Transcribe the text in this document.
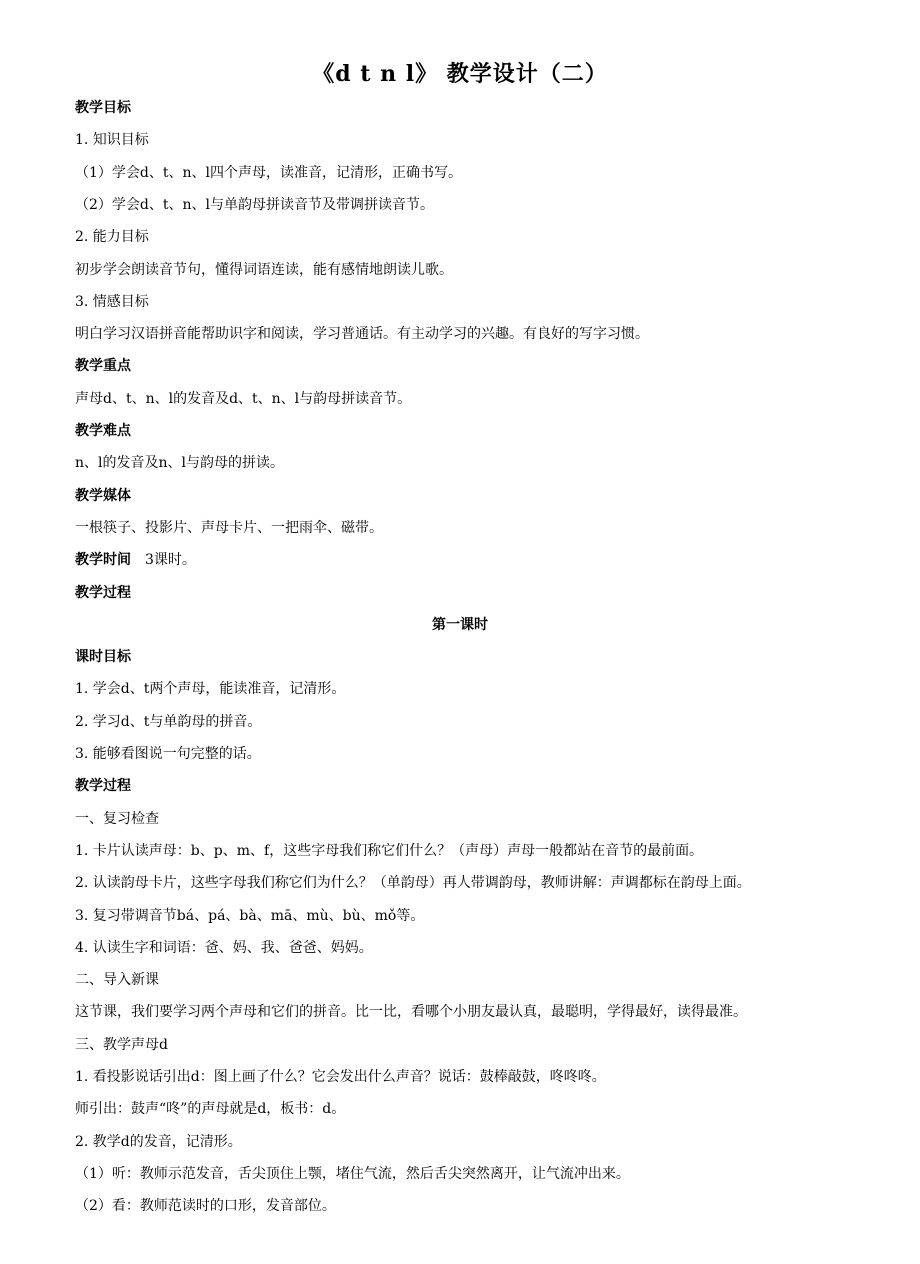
《d t n l》 教学设计（二）
教学目标
1. 知识目标
（1）学会d、t、n、l四个声母，读准音，记清形，正确书写。
（2）学会d、t、n、l与单韵母拼读音节及带调拼读音节。
2. 能力目标
初步学会朗读音节句，懂得词语连读，能有感情地朗读儿歌。
3. 情感目标
明白学习汉语拼音能帮助识字和阅读，学习普通话。有主动学习的兴趣。有良好的写字习惯。
教学重点
声母d、t、n、l的发音及d、t、n、l与韵母拼读音节。
教学难点
n、l的发音及n、l与韵母的拼读。
教学媒体
一根筷子、投影片、声母卡片、一把雨伞、磁带。
教学时间 3课时。
教学过程
第一课时
课时目标
1. 学会d、t两个声母，能读准音，记清形。
2. 学习d、t与单韵母的拼音。
3. 能够看图说一句完整的话。
教学过程
一、复习检查
1. 卡片认读声母：b、p、m、f，这些字母我们称它们什么？（声母）声母一般都站在音节的最前面。
2. 认读韵母卡片，这些字母我们称它们为什么？（单韵母）再人带调韵母，教师讲解：声调都标在韵母上面。
3. 复习带调音节bá、pá、bà、mā、mù、bù、mǒ等。
4. 认读生字和词语：爸、妈、我、爸爸、妈妈。
二、导入新课
这节课，我们要学习两个声母和它们的拼音。比一比，看哪个小朋友最认真，最聪明，学得最好，读得最准。
三、教学声母d
1. 看投影说话引出d：图上画了什么？它会发出什么声音？说话：鼓棒敲鼓，咚咚咚。
师引出：鼓声“咚”的声母就是d，板书：d。
2. 教学d的发音，记清形。
（1）听：教师示范发音，舌尖顶住上颚，堵住气流，然后舌尖突然离开，让气流冲出来。
（2）看：教师范读时的口形，发音部位。
